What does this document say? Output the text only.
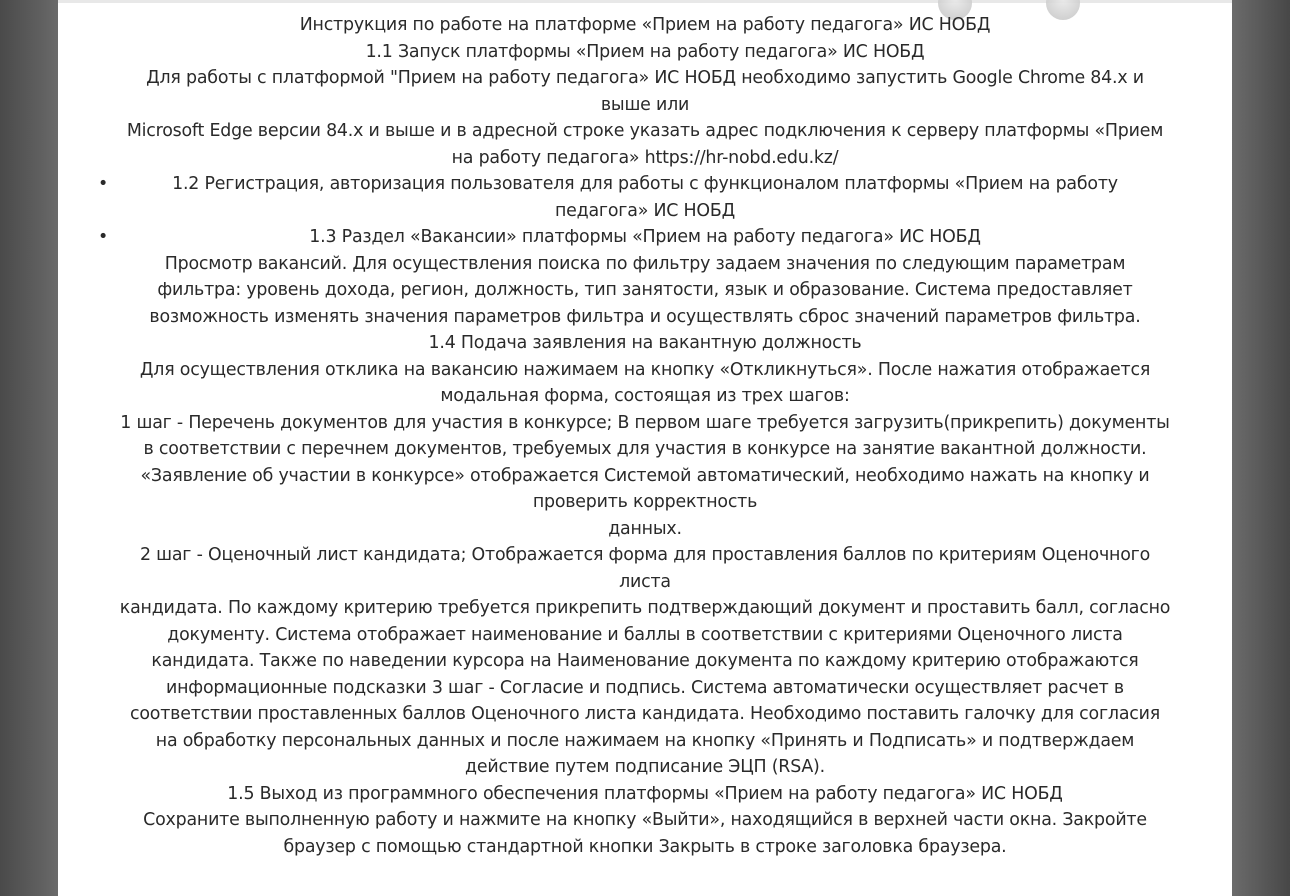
Инструкция по работе на платформе «Прием на работу педагога» ИС НОБД
1.1 Запуск платформы «Прием на работу педагога» ИС НОБД
Для работы с платформой "Прием на работу педагога» ИС НОБД необходимо запустить Google Chrome 84.x и
выше или
Microsoft Edge версии 84.x и выше и в адресной строке указать адрес подключения к серверу платформы «Прием
на работу педагога» https://hr-nobd.edu.kz/
•	1.2 Регистрация, авторизация пользователя для работы с функционалом платформы «Прием на работу
педагога» ИС НОБД
•	1.3 Раздел «Вакансии» платформы «Прием на работу педагога» ИС НОБД
Просмотр вакансий. Для осуществления поиска по фильтру задаем значения по следующим параметрам
фильтра: уровень дохода, регион, должность, тип занятости, язык и образование. Система предоставляет
возможность изменять значения параметров фильтра и осуществлять сброс значений параметров фильтра.
1.4 Подача заявления на вакантную должность
Для осуществления отклика на вакансию нажимаем на кнопку «Откликнуться». После нажатия отображается
модальная форма, состоящая из трех шагов:
1 шаг - Перечень документов для участия в конкурсе; В первом шаге требуется загрузить(прикрепить) документы
в соответствии с перечнем документов, требуемых для участия в конкурсе на занятие вакантной должности.
«Заявление об участии в конкурсе» отображается Системой автоматический, необходимо нажать на кнопку и
проверить корректность
данных.
2 шаг - Оценочный лист кандидата; Отображается форма для проставления баллов по критериям Оценочного
листа
кандидата. По каждому критерию требуется прикрепить подтверждающий документ и проставить балл, согласно
документу. Система отображает наименование и баллы в соответствии с критериями Оценочного листа
кандидата. Также по наведении курсора на Наименование документа по каждому критерию отображаются
информационные подсказки 3 шаг - Согласие и подпись. Система автоматически осуществляет расчет в
соответствии проставленных баллов Оценочного листа кандидата. Необходимо поставить галочку для согласия
на обработку персональных данных и после нажимаем на кнопку «Принять и Подписать» и подтверждаем
действие путем подписание ЭЦП (RSA).
1.5 Выход из программного обеспечения платформы «Прием на работу педагога» ИС НОБД
Сохраните выполненную работу и нажмите на кнопку «Выйти», находящийся в верхней части окна. Закройте
браузер с помощью стандартной кнопки Закрыть в строке заголовка браузера.
